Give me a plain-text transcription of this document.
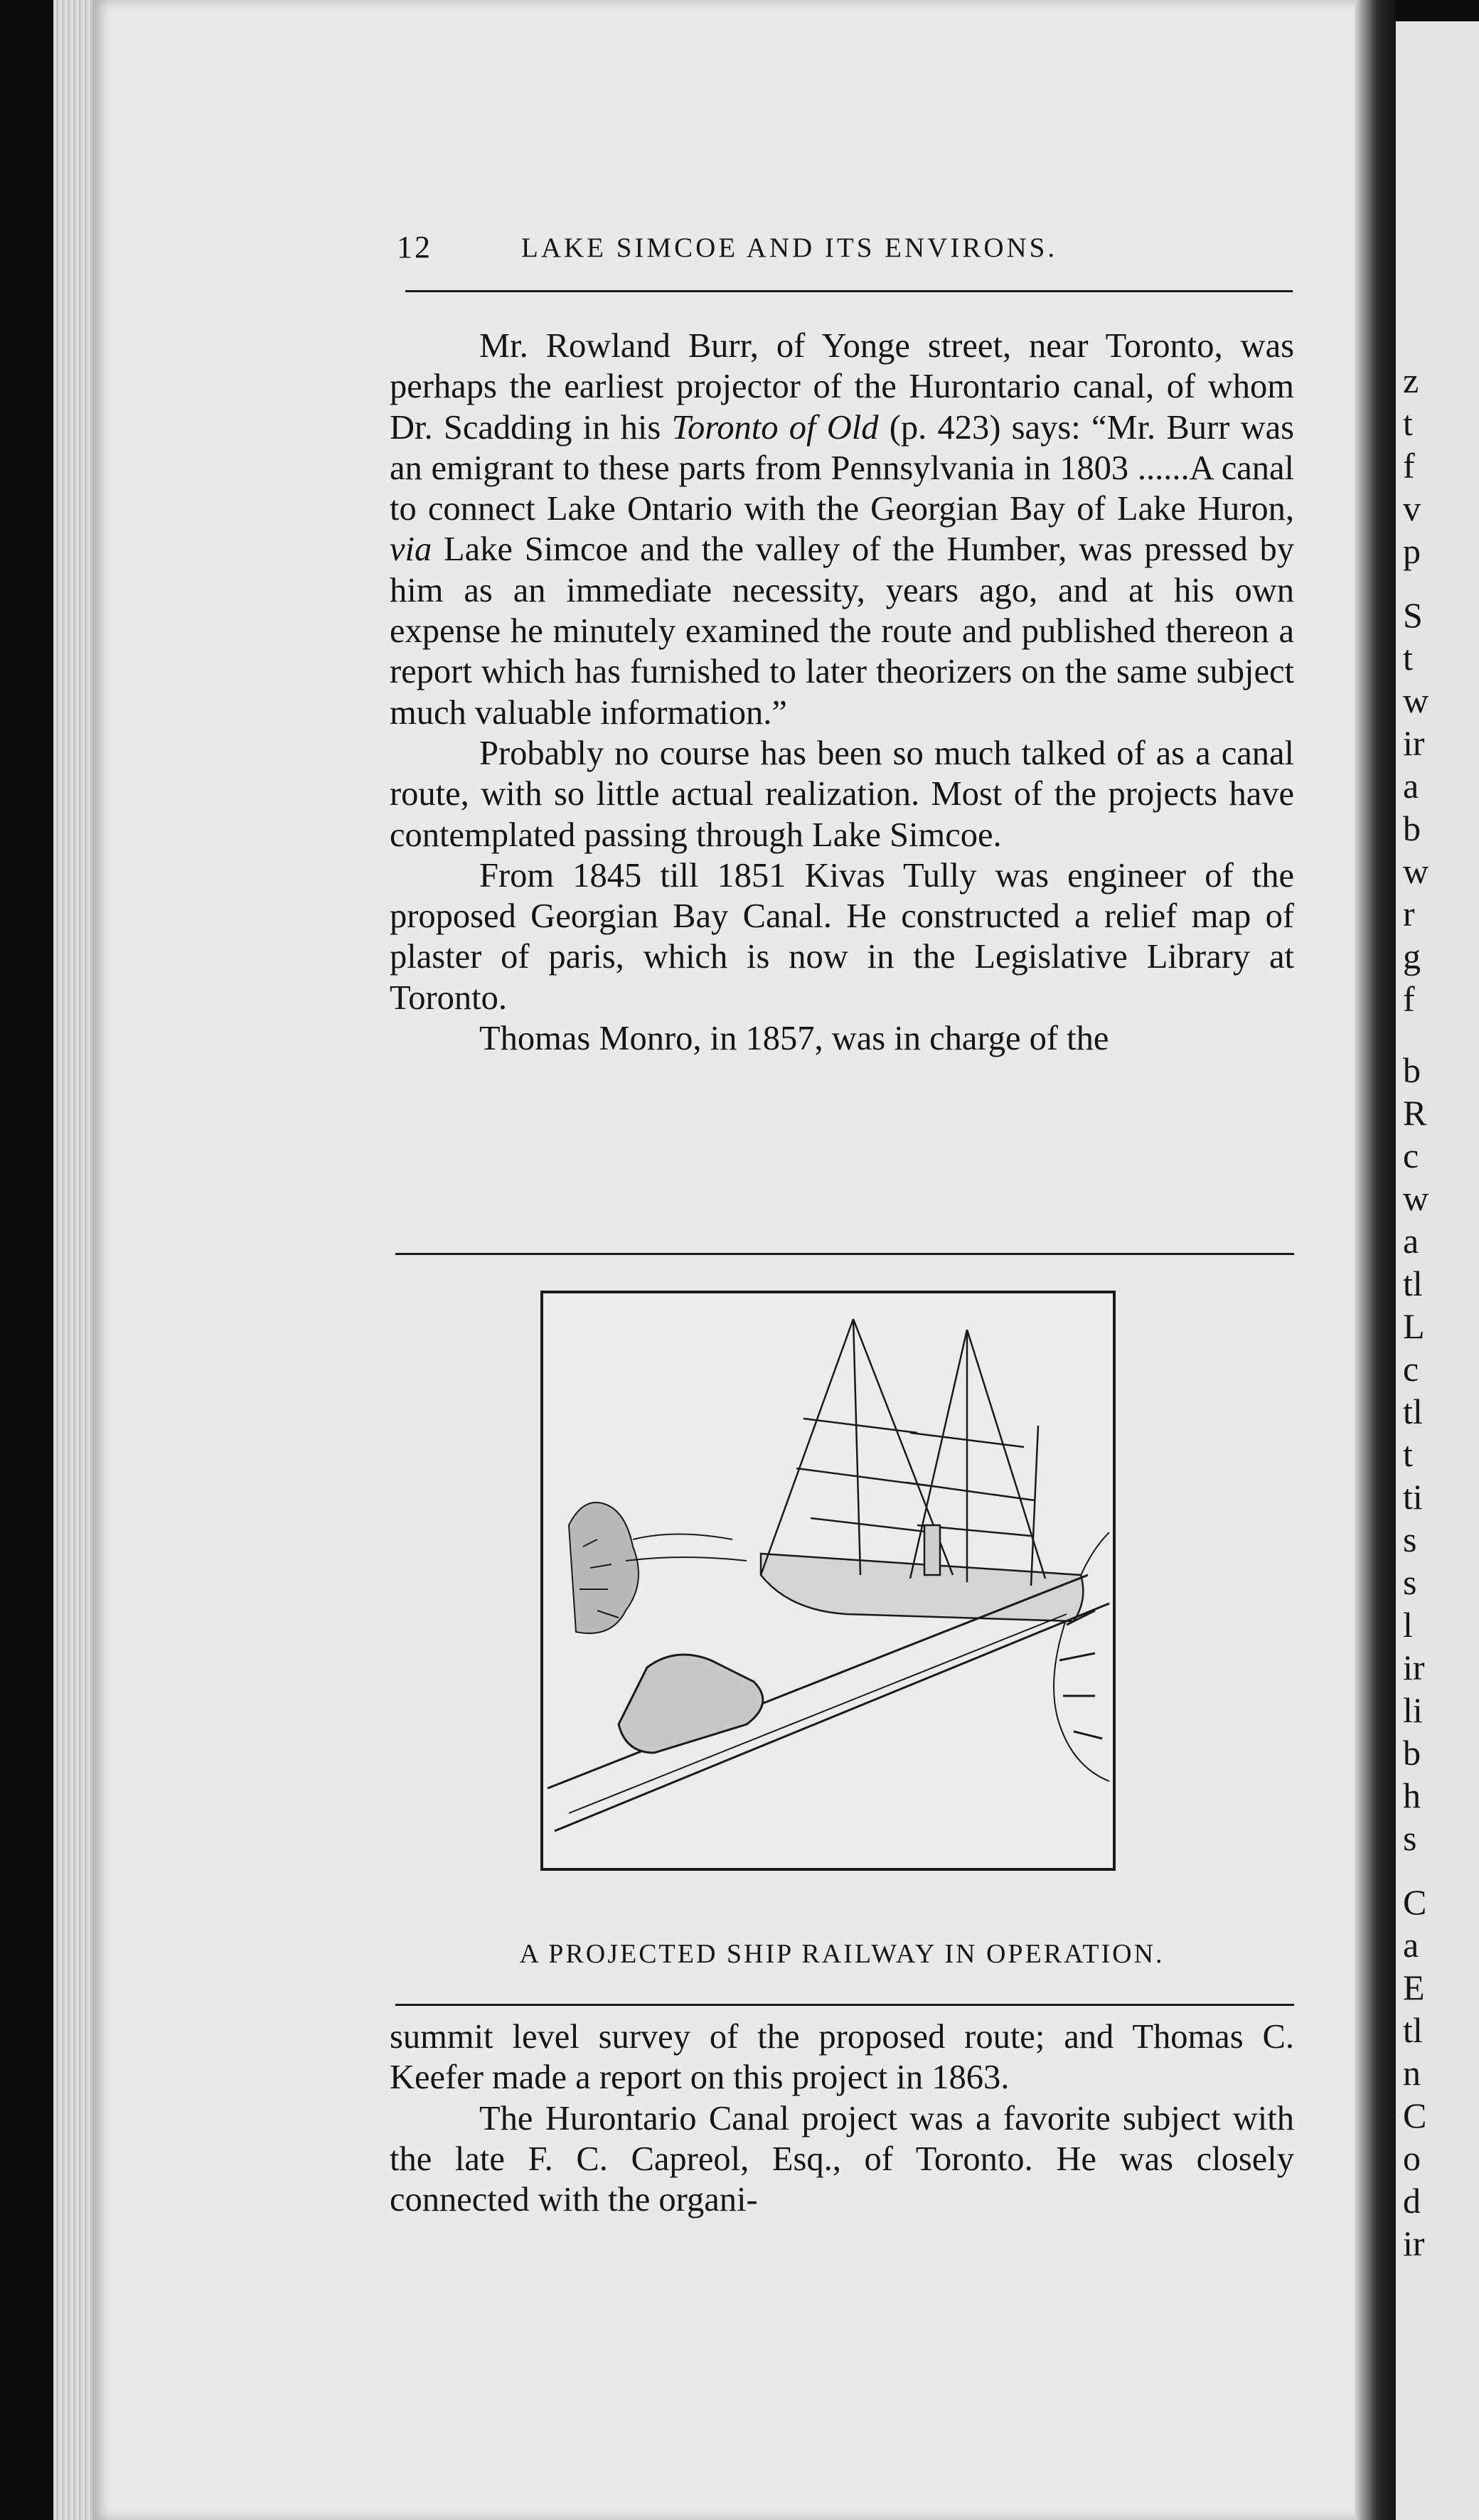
z
t
f
v
p
S
t
w
ir
a
b
w
r
g
f
b
R
c
w
a
tl
L
c
tl
t
ti
s
s
l
ir
li
b
h
s
C
a
E
tl
n
C
o
d
ir
12	LAKE SIMCOE AND ITS ENVIRONS.

Mr. Rowland Burr, of Yonge street, near Toronto, was perhaps the earliest projector of the Hurontario canal, of whom Dr. Scadding in his Toronto of Old (p. 423) says: “Mr. Burr was an emigrant to these parts from Pennsylvania in 1803 ......A canal to connect Lake Ontario with the Georgian Bay of Lake Huron, via Lake Simcoe and the valley of the Humber, was pressed by him as an immediate necessity, years ago, and at his own expense he minutely examined the route and published thereon a report which has furnished to later theorizers on the same subject much valuable information.”

Probably no course has been so much talked of as a canal route, with so little actual realization. Most of the projects have contemplated passing through Lake Simcoe.

From 1845 till 1851 Kivas Tully was engineer of the proposed Georgian Bay Canal. He constructed a relief map of plaster of paris, which is now in the Legislative Library at Toronto.

Thomas Monro, in 1857, was in charge of the

A PROJECTED SHIP RAILWAY IN OPERATION.

summit level survey of the proposed route; and Thomas C. Keefer made a report on this project in 1863.

The Hurontario Canal project was a favorite subject with the late F. C. Capreol, Esq., of Toronto. He was closely connected with the organi-
